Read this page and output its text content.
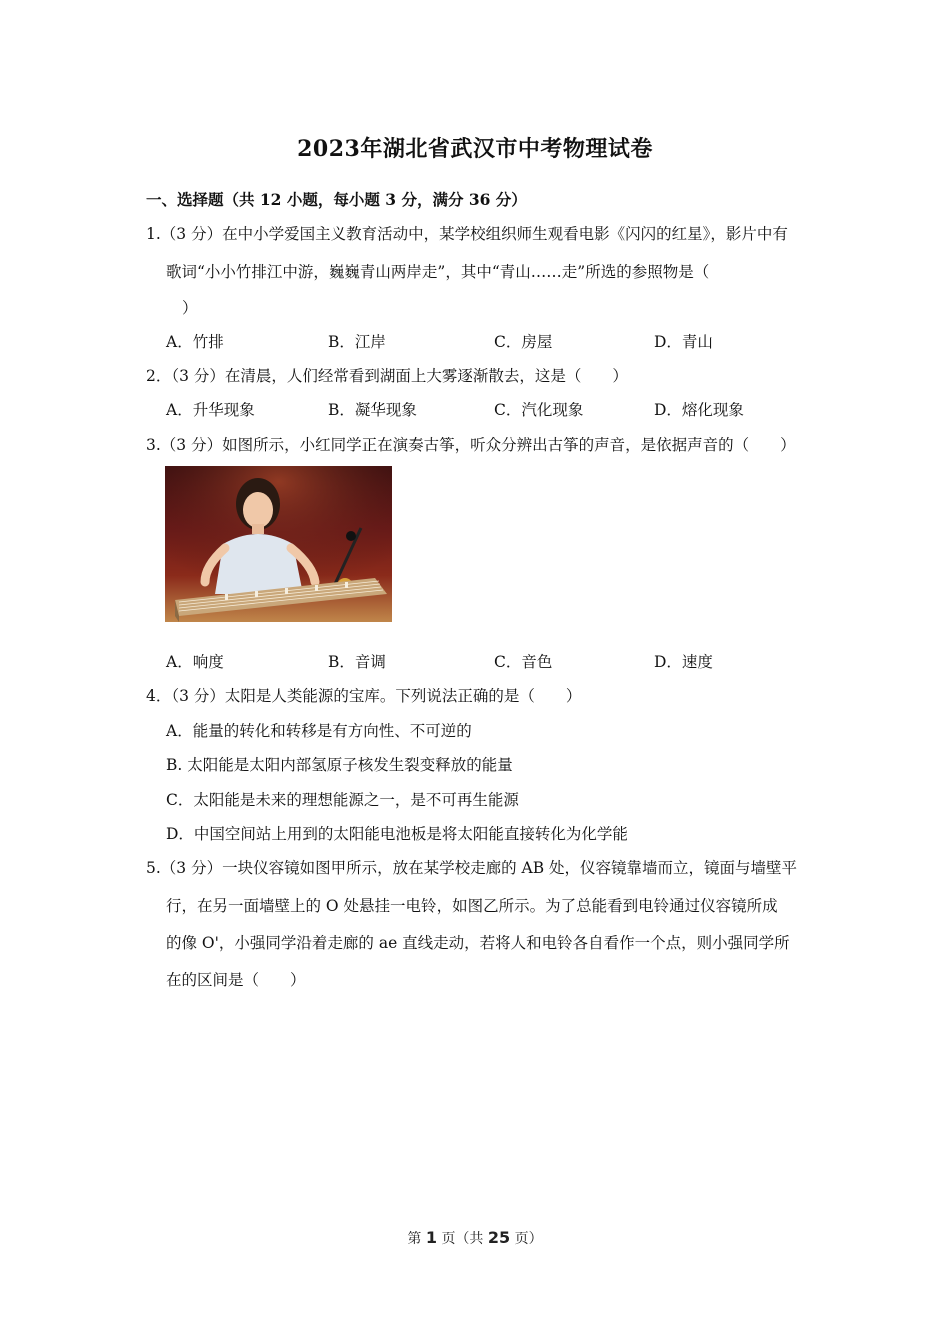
2023年湖北省武汉市中考物理试卷
一、选择题（共 12 小题，每小题 3 分，满分 36 分）
1.（3 分）在中小学爱国主义教育活动中，某学校组织师生观看电影《闪闪的红星》，影片中有
歌词“小小竹排江中游，巍巍青山两岸走”，其中“青山……走”所选的参照物是（
）
A．竹排	B．江岸	C．房屋	D．青山
2．（3 分）在清晨，人们经常看到湖面上大雾逐渐散去，这是（　　）
A．升华现象	B．凝华现象	C．汽化现象	D．熔化现象
3.（3 分）如图所示，小红同学正在演奏古筝，听众分辨出古筝的声音，是依据声音的（　　）
A．响度	B．音调	C．音色	D．速度
4．（3 分）太阳是人类能源的宝库。下列说法正确的是（　　）
A．能量的转化和转移是有方向性、不可逆的
B. 太阳能是太阳内部氢原子核发生裂变释放的能量
C．太阳能是未来的理想能源之一，是不可再生能源
D．中国空间站上用到的太阳能电池板是将太阳能直接转化为化学能
5.（3 分）一块仪容镜如图甲所示，放在某学校走廊的 AB 处，仪容镜靠墙而立，镜面与墙壁平
行，在另一面墙壁上的 O 处悬挂一电铃，如图乙所示。为了总能看到电铃通过仪容镜所成
的像 O'，小强同学沿着走廊的 ae 直线走动，若将人和电铃各自看作一个点，则小强同学所
在的区间是（　　）
第 1 页（共 25 页）
